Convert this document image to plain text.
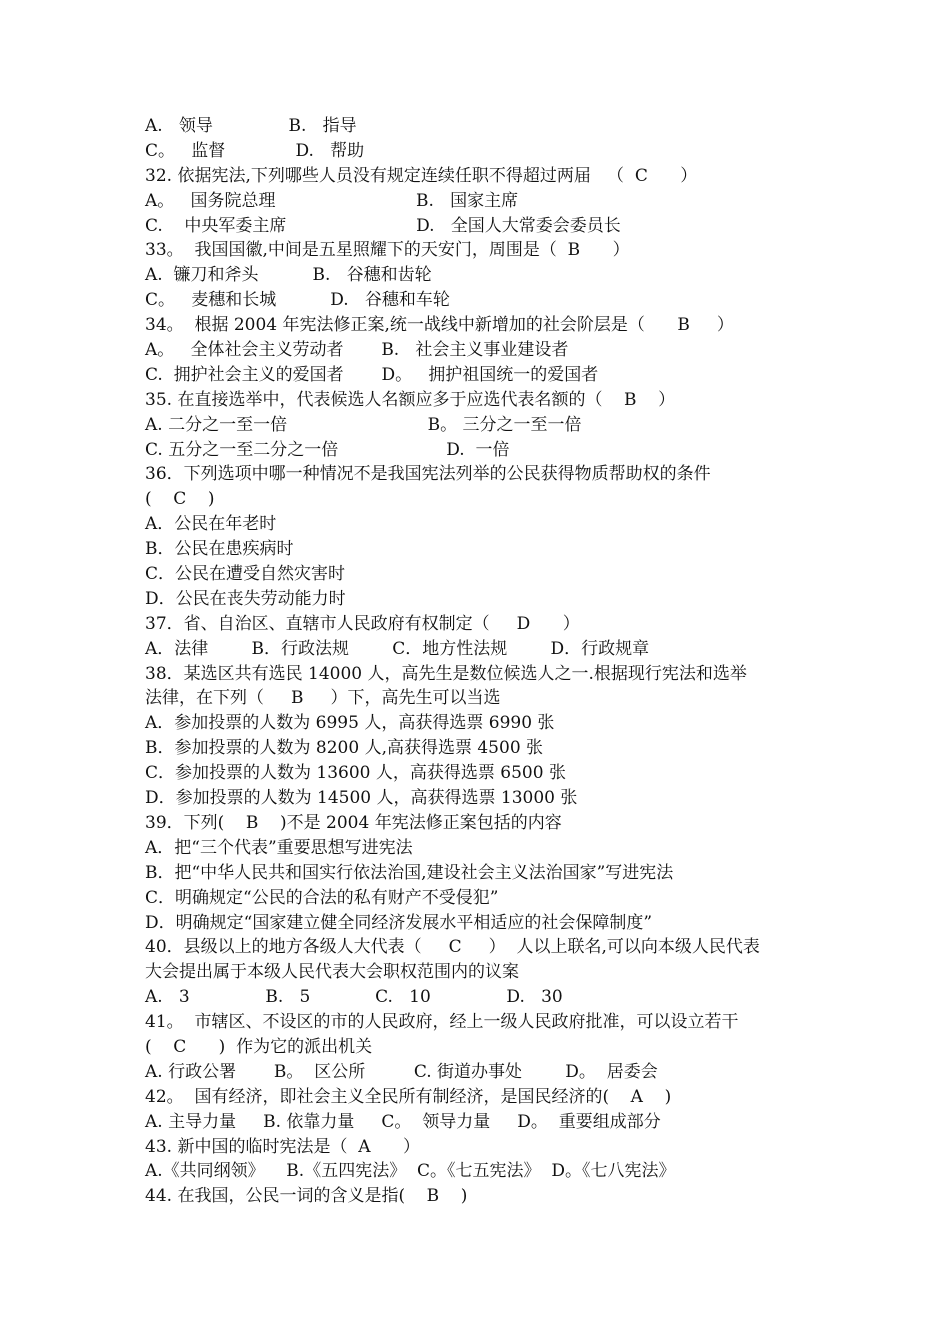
A.   领导              B.   指导
C。   监督             D.   帮助
32. 依据宪法,下列哪些人员没有规定连续任职不得超过两届   （  C      ）
A。   国务院总理                          B.   国家主席
C.    中央军委主席                        D.   全国人大常委会委员长
33。  我国国徽,中间是五星照耀下的天安门，周围是（  B      ）
A.  镰刀和斧头          B.   谷穗和齿轮
C。   麦穗和长城          D.   谷穗和车轮
34。  根据 2004 年宪法修正案,统一战线中新增加的社会阶层是（      B     ）
A。   全体社会主义劳动者       B.   社会主义事业建设者
C.  拥护社会主义的爱国者       D。   拥护祖国统一的爱国者
35. 在直接选举中，代表候选人名额应多于应选代表名额的（    B    ）
A. 二分之一至一倍                          B。 三分之一至一倍
C. 五分之一至二分之一倍                    D.  一倍
36．下列选项中哪一种情况不是我国宪法列举的公民获得物质帮助权的条件
(    C    )
A．公民在年老时
B．公民在患疾病时
C．公民在遭受自然灾害时
D．公民在丧失劳动能力时
37．省、自治区、直辖市人民政府有权制定（     D      ）
A．法律        B．行政法规        C．地方性法规        D．行政规章
38．某选区共有选民 14000 人，高先生是数位候选人之一.根据现行宪法和选举
法律，在下列（     B     ）下，高先生可以当选
A．参加投票的人数为 6995 人，高获得选票 6990 张
B．参加投票的人数为 8200 人,高获得选票 4500 张
C．参加投票的人数为 13600 人，高获得选票 6500 张
D．参加投票的人数为 14500 人，高获得选票 13000 张
39．下列(    B    )不是 2004 年宪法修正案包括的内容
A．把“三个代表”重要思想写进宪法
B．把“中华人民共和国实行依法治国,建设社会主义法治国家”写进宪法
C．明确规定“公民的合法的私有财产不受侵犯”
D．明确规定“国家建立健全同经济发展水平相适应的社会保障制度”
40．县级以上的地方各级人大代表（     C     ）  人以上联名,可以向本级人民代表
大会提出属于本级人民代表大会职权范围内的议案
A.   3              B.   5            C.   10              D.   30
41。  市辖区、不设区的市的人民政府，经上一级人民政府批准，可以设立若干
(    C      )  作为它的派出机关
A. 行政公署       B。  区公所         C. 街道办事处        D。  居委会
42。  国有经济，即社会主义全民所有制经济，是国民经济的(    A    )
A. 主导力量     B. 依靠力量     C。  领导力量     D。  重要组成部分
43. 新中国的临时宪法是（  A      ）
A.《共同纲领》    B.《五四宪法》  C。《七五宪法》  D。《七八宪法》
44. 在我国，公民一词的含义是指(    B    )
